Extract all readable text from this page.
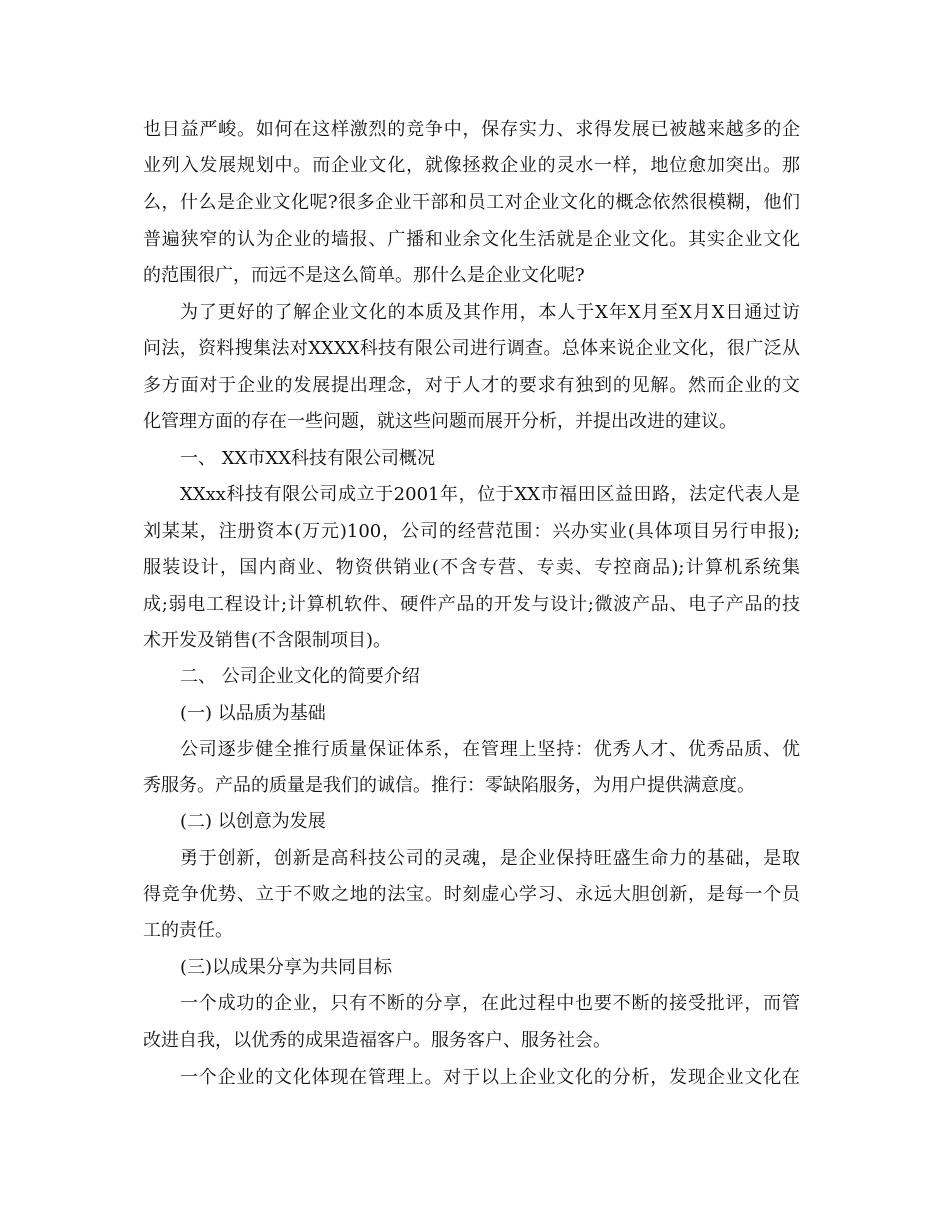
也日益严峻。如何在这样激烈的竞争中，保存实力、求得发展已被越来越多的企
业列入发展规划中。而企业文化，就像拯救企业的灵水一样，地位愈加突出。那
么，什么是企业文化呢?很多企业干部和员工对企业文化的概念依然很模糊，他们
普遍狭窄的认为企业的墙报、广播和业余文化生活就是企业文化。其实企业文化
的范围很广，而远不是这么简单。那什么是企业文化呢?
为了更好的了解企业文化的本质及其作用，本人于X年X月至X月X日通过访
问法，资料搜集法对XXXX科技有限公司进行调查。总体来说企业文化，很广泛从
多方面对于企业的发展提出理念，对于人才的要求有独到的见解。然而企业的文
化管理方面的存在一些问题，就这些问题而展开分析，并提出改进的建议。
一、 XX市XX科技有限公司概况
XXxx科技有限公司成立于2001年，位于XX市福田区益田路，法定代表人是
刘某某，注册资本(万元)100，公司的经营范围：兴办实业(具体项目另行申报);
服装设计，国内商业、物资供销业(不含专营、专卖、专控商品);计算机系统集
成;弱电工程设计;计算机软件、硬件产品的开发与设计;微波产品、电子产品的技
术开发及销售(不含限制项目)。
二、 公司企业文化的简要介绍
(一) 以品质为基础
公司逐步健全推行质量保证体系，在管理上坚持：优秀人才、优秀品质、优
秀服务。产品的质量是我们的诚信。推行：零缺陷服务，为用户提供满意度。
(二) 以创意为发展
勇于创新，创新是高科技公司的灵魂，是企业保持旺盛生命力的基础，是取
得竞争优势、立于不败之地的法宝。时刻虚心学习、永远大胆创新，是每一个员
工的责任。
(三)以成果分享为共同目标
一个成功的企业，只有不断的分享，在此过程中也要不断的接受批评，而管
改进自我，以优秀的成果造福客户。服务客户、服务社会。
一个企业的文化体现在管理上。对于以上企业文化的分析，发现企业文化在
